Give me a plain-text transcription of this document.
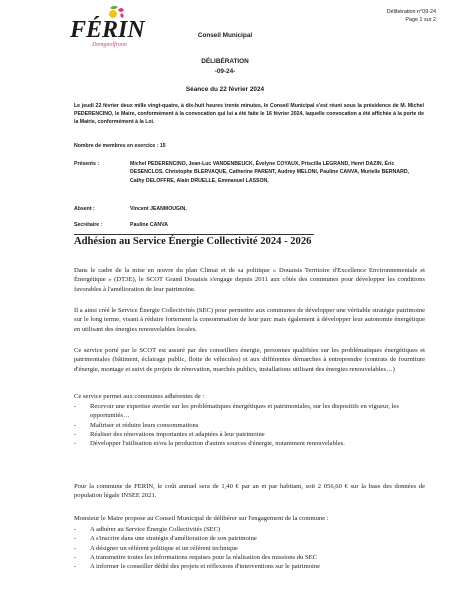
FÉRIN
Demgnolfroon
Délibération n°09-24
Page 1 sur 2
Conseil Municipal
DÉLIBÉRATION
-09-24-
Séance du 22 février 2024
Le jeudi 22 février deux mille vingt-quatre, à dix-huit heures trente minutes, le Conseil Municipal s'est réuni sous la présidence de M. Michel PEDERENCINO, le Maire, conformément à la convocation qui lui a été faite le 16 février 2024, laquelle convocation a été affichée à la porte de la Mairie, conformément à la Loi.
Nombre de membres en exercice : 15
Présents :	Michel PEDERENCINO, Jean-Luc VANDENBEUCK, Évelyne COYAUX, Priscilla LEGRAND, Henri DAZIN, Éric DESENCLOS, Christophe BLERVAQUE, Catherine PARENT, Audrey MELONI, Pauline CANVA, Murielle BERNARD, Cathy DELOFFRE, Alain DRUELLE, Emmanuel LASSON,
Absent :	Vincent JEANMOUGIN,
Secrétaire :	Pauline CANVA
Adhésion au Service Énergie Collectivité 2024 - 2026
Dans le cadre de la mise en œuvre du plan Climat et de sa politique « Douaisis Territoire d'Excellence Environnementale et Énergétique » (DT3E), le SCOT Grand Douaisis s'engage depuis 2011 aux côtés des communes pour développer les conditions favorables à l'amélioration de leur patrimoine.
Il a ainsi créé le Service Énergie Collectivités (SEC) pour permettre aux communes de développer une véritable stratégie patrimoine sur le long terme, visant à réduire fortement la consommation de leur parc mais également à développer leur autonomie énergétique en utilisant des énergies renouvelables locales.
Ce service porté par le SCOT est assuré par des conseillers énergie, personnes qualifiées sur les problématiques énergétiques et patrimoniales (bâtiment, éclairage public, flotte de véhicules) et aux différentes démarches à entreprendre (contrats de fourniture d'énergie, montage et suivi de projets de rénovation, marchés publics, installations utilisant des énergies renouvelables…)
Ce service permet aux communes adhérentes de :
- Recevoir une expertise avertie sur les problématiques énergétiques et patrimoniales, sur les dispositifs en vigueur, les opportunités…
- Maîtriser et réduire leurs consommations
- Réaliser des rénovations importantes et adaptées à leur patrimoine
- Développer l'utilisation et/ou la production d'autres sources d'énergie, notamment renouvelables.
Pour la commune de FERIN, le coût annuel sera de 1,40 € par an et par habitant, soit 2 056,60 € sur la base des données de population légale INSEE 2021.
Monsieur le Maire propose au Conseil Municipal de délibérer sur l'engagement de la commune :
- A adhérer au Service Énergie Collectivités (SEC)
- A s'inscrire dans une stratégie d'amélioration de son patrimoine
- A désigner un référent politique et un référent technique
- A transmettre toutes les informations requises pour la réalisation des missions du SEC
- A informer le conseiller dédié des projets et réflexions d'interventions sur le patrimoine
